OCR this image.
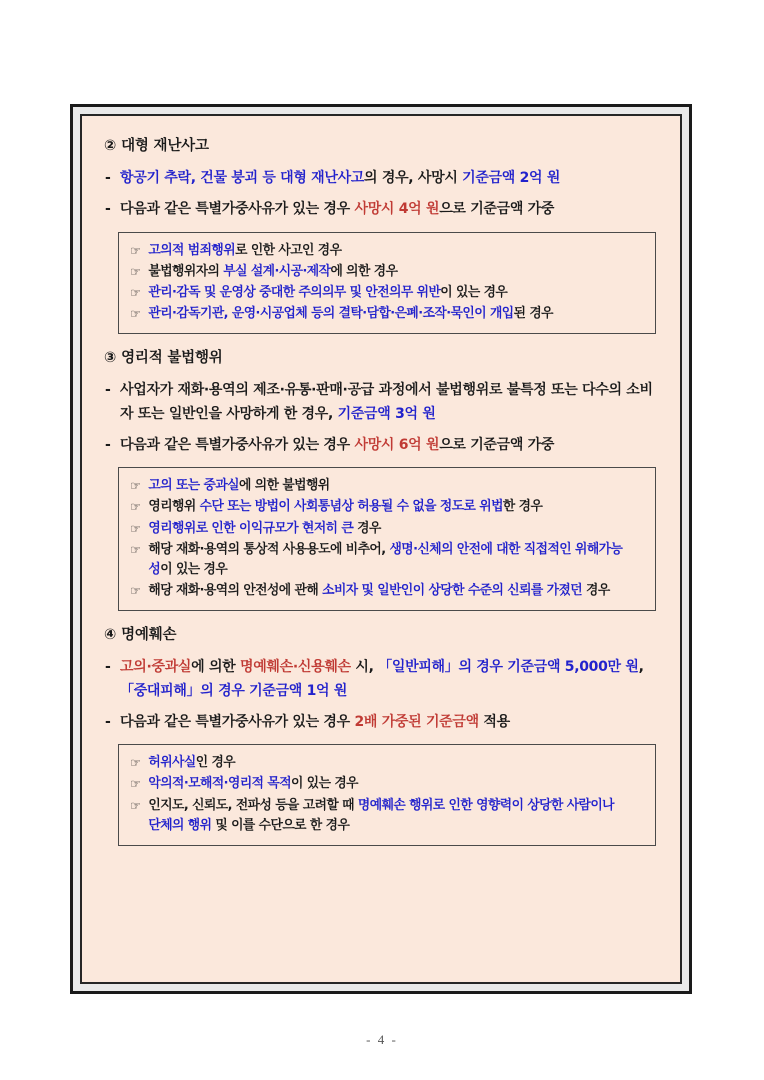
② 대형 재난사고
- 항공기 추락, 건물 붕괴 등 대형 재난사고의 경우, 사망시 기준금액 2억 원
- 다음과 같은 특별가중사유가 있는 경우 사망시 4억 원으로 기준금액 가중
☞ 고의적 범죄행위로 인한 사고인 경우
☞ 불법행위자의 부실 설계·시공·제작에 의한 경우
☞ 관리·감독 및 운영상 중대한 주의의무 및 안전의무 위반이 있는 경우
☞ 관리·감독기관, 운영·시공업체 등의 결탁·담합·은폐·조작·묵인이 개입된 경우
③ 영리적 불법행위
- 사업자가 재화·용역의 제조·유통·판매·공급 과정에서 불법행위로 불특정 또는 다수의 소비자 또는 일반인을 사망하게 한 경우, 기준금액 3억 원
- 다음과 같은 특별가중사유가 있는 경우 사망시 6억 원으로 기준금액 가중
☞ 고의 또는 중과실에 의한 불법행위
☞ 영리행위 수단 또는 방법이 사회통념상 허용될 수 없을 정도로 위법한 경우
☞ 영리행위로 인한 이익규모가 현저히 큰 경우
☞ 해당 재화·용역의 통상적 사용용도에 비추어, 생명·신체의 안전에 대한 직접적인 위해가능성이 있는 경우
☞ 해당 재화·용역의 안전성에 관해 소비자 및 일반인이 상당한 수준의 신뢰를 가졌던 경우
④ 명예훼손
- 고의·중과실에 의한 명예훼손·신용훼손 시, 「일반피해」의 경우 기준금액 5,000만 원, 「중대피해」의 경우 기준금액 1억 원
- 다음과 같은 특별가중사유가 있는 경우 2배 가중된 기준금액 적용
☞ 허위사실인 경우
☞ 악의적·모해적·영리적 목적이 있는 경우
☞ 인지도, 신뢰도, 전파성 등을 고려할 때 명예훼손 행위로 인한 영향력이 상당한 사람이나 단체의 행위 및 이를 수단으로 한 경우
- 4 -
